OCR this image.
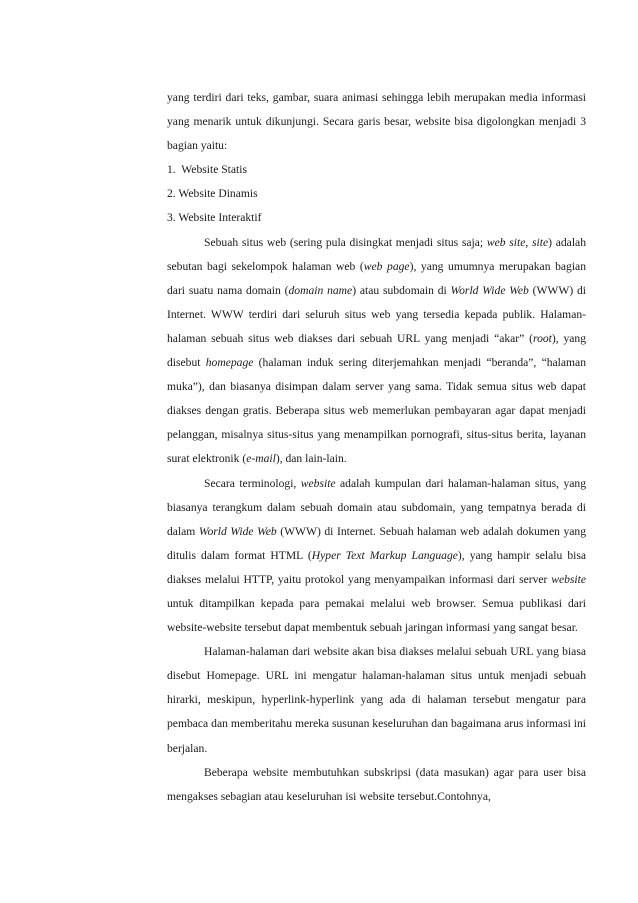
yang terdiri dari teks, gambar, suara animasi sehingga lebih merupakan media informasi yang menarik untuk dikunjungi. Secara garis besar, website bisa digolongkan menjadi 3 bagian yaitu:

1.  Website Statis

2. Website Dinamis

3. Website Interaktif

Sebuah situs web (sering pula disingkat menjadi situs saja; web site, site) adalah sebutan bagi sekelompok halaman web (web page), yang umumnya merupakan bagian dari suatu nama domain (domain name) atau subdomain di World Wide Web (WWW) di Internet. WWW terdiri dari seluruh situs web yang tersedia kepada publik. Halaman-halaman sebuah situs web diakses dari sebuah URL yang menjadi “akar” (root), yang disebut homepage (halaman induk sering diterjemahkan menjadi “beranda”, “halaman muka”), dan biasanya disimpan dalam server yang sama. Tidak semua situs web dapat diakses dengan gratis. Beberapa situs web memerlukan pembayaran agar dapat menjadi pelanggan, misalnya situs-situs yang menampilkan pornografi, situs-situs berita, layanan surat elektronik (e-mail), dan lain-lain.

Secara terminologi, website adalah kumpulan dari halaman-halaman situs, yang biasanya terangkum dalam sebuah domain atau subdomain, yang tempatnya berada di dalam World Wide Web (WWW) di Internet. Sebuah halaman web adalah dokumen yang ditulis dalam format HTML (Hyper Text Markup Language), yang hampir selalu bisa diakses melalui HTTP, yaitu protokol yang menyampaikan informasi dari server website untuk ditampilkan kepada para pemakai melalui web browser. Semua publikasi dari website-website tersebut dapat membentuk sebuah jaringan informasi yang sangat besar.

Halaman-halaman dari website akan bisa diakses melalui sebuah URL yang biasa disebut Homepage. URL ini mengatur halaman-halaman situs untuk menjadi sebuah hirarki, meskipun, hyperlink-hyperlink yang ada di halaman tersebut mengatur para pembaca dan memberitahu mereka susunan keseluruhan dan bagaimana arus informasi ini berjalan.

Beberapa website membutuhkan subskripsi (data masukan) agar para user bisa mengakses sebagian atau keseluruhan isi website tersebut.Contohnya,
